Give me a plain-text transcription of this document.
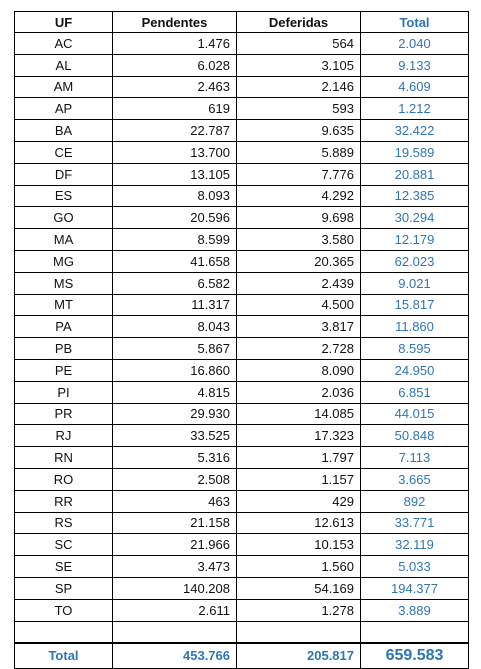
UF	Pendentes	Deferidas	Total
AC	1.476	564	2.040
AL	6.028	3.105	9.133
AM	2.463	2.146	4.609
AP	619	593	1.212
BA	22.787	9.635	32.422
CE	13.700	5.889	19.589
DF	13.105	7.776	20.881
ES	8.093	4.292	12.385
GO	20.596	9.698	30.294
MA	8.599	3.580	12.179
MG	41.658	20.365	62.023
MS	6.582	2.439	9.021
MT	11.317	4.500	15.817
PA	8.043	3.817	11.860
PB	5.867	2.728	8.595
PE	16.860	8.090	24.950
PI	4.815	2.036	6.851
PR	29.930	14.085	44.015
RJ	33.525	17.323	50.848
RN	5.316	1.797	7.113
RO	2.508	1.157	3.665
RR	463	429	892
RS	21.158	12.613	33.771
SC	21.966	10.153	32.119
SE	3.473	1.560	5.033
SP	140.208	54.169	194.377
TO	2.611	1.278	3.889

Total	453.766	205.817	659.583
